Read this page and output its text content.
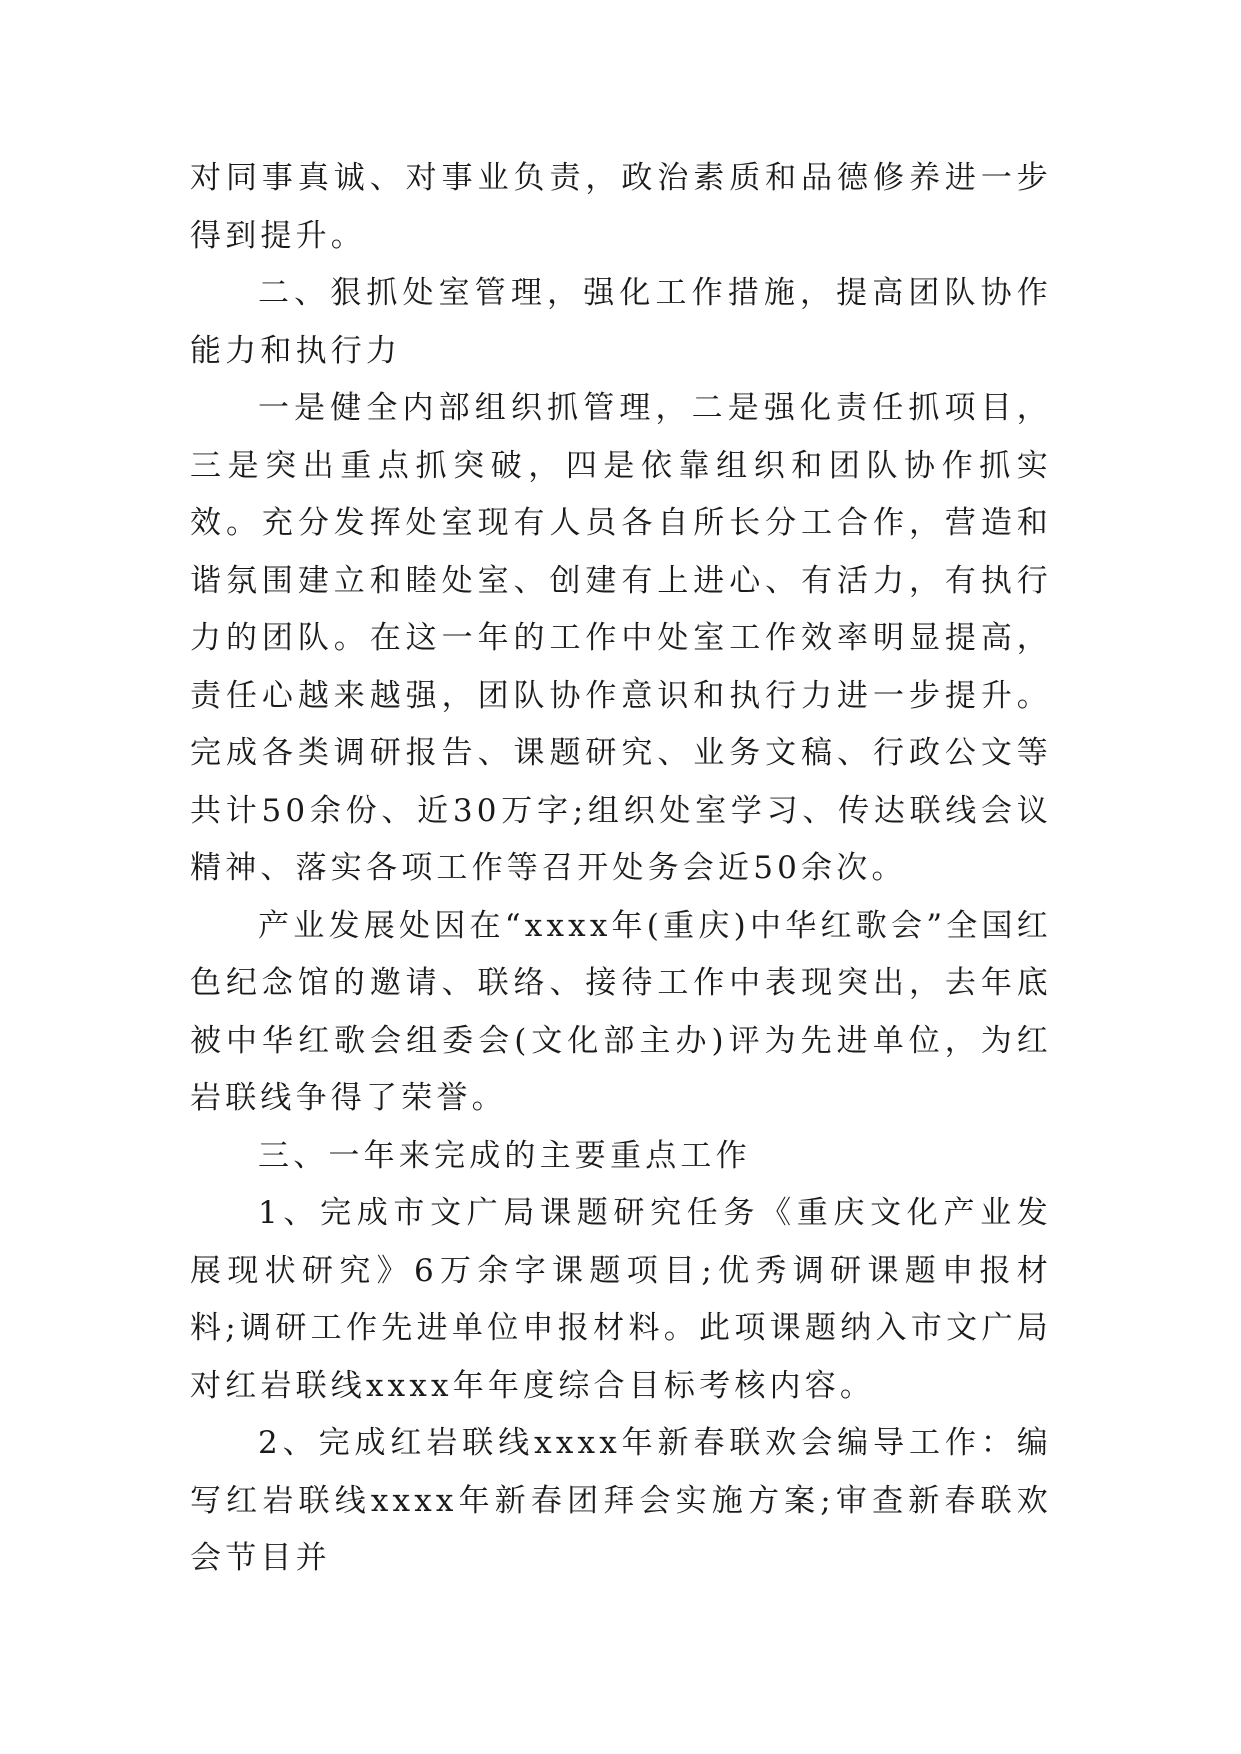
对同事真诚、对事业负责，政治素质和品德修养进一步得到提升。

二、狠抓处室管理，强化工作措施，提高团队协作能力和执行力

一是健全内部组织抓管理，二是强化责任抓项目，三是突出重点抓突破，四是依靠组织和团队协作抓实效。充分发挥处室现有人员各自所长分工合作，营造和谐氛围建立和睦处室、创建有上进心、有活力，有执行力的团队。在这一年的工作中处室工作效率明显提高，责任心越来越强，团队协作意识和执行力进一步提升。完成各类调研报告、课题研究、业务文稿、行政公文等共计50余份、近30万字;组织处室学习、传达联线会议精神、落实各项工作等召开处务会近50余次。

产业发展处因在“xxxx年(重庆)中华红歌会”全国红色纪念馆的邀请、联络、接待工作中表现突出，去年底被中华红歌会组委会(文化部主办)评为先进单位，为红岩联线争得了荣誉。

三、一年来完成的主要重点工作

1、完成市文广局课题研究任务《重庆文化产业发展现状研究》6万余字课题项目;优秀调研课题申报材料;调研工作先进单位申报材料。此项课题纳入市文广局对红岩联线xxxx年年度综合目标考核内容。

2、完成红岩联线xxxx年新春联欢会编导工作：编写红岩联线xxxx年新春团拜会实施方案;审查新春联欢会节目并
